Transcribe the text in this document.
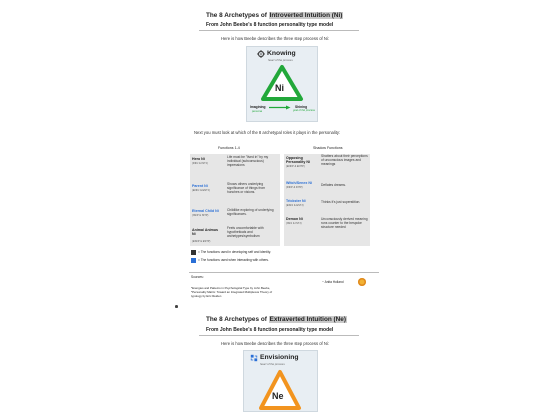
The 8 Archetypes of Introverted Intuition (Ni)
From John Beebe's 8 function personality type model
Here is how Beebe describes the three step process of Ni:
Knowing
heart of the process
Ni
Imagining
persona
Shining
goal of the process
Next you must look at which of the 8 archetypal roles it plays in the personality:
Functions 1-4	Shadow Functions
Hero Ni
(INFJ & INTJ)
Life must be "lived in" by my individual (subconscious) impressions
Parent Ni
(ENFJ & ENTJ)
Shows others underlying significance of things from hunches or visions.
Eternal Child Ni
(ISFP & ISTP)
Childlike exploring of underlying significances.
Anima/ Animus Ni
(ESFP & ESTP)
Feels uncomfortable with hypotheticals and archetypes/symbolism
Opposing Personality Ni
(ENFP & ENTP)
Shatters about their perceptions of unconscious images and meanings
Witch/Senex Ni
(INFP & INTP)
Deflates dreams.
Trickster Ni
(ESFJ & ESTJ)
Thinks it's just superstition.
Demon Ni
(ISFJ & ISTJ)
Unconsciously derived meaning runs counter to the bespoke structure needed
= The functions used in developing self and identity.
= The functions used when interacting with others.
Sources:
*Energies and Patterns in Psychological Type by John Beebe,
*Personality Matrix: Toward an Integrated Multiplexus Theory of
typology by Eric Reiden
~ Anita Holland
The 8 Archetypes of Extraverted Intuition (Ne)
From John Beebe's 8 function personality type model
Here is how Beebe describes the three step process of Ni:
Envisioning
heart of the process
Ne
